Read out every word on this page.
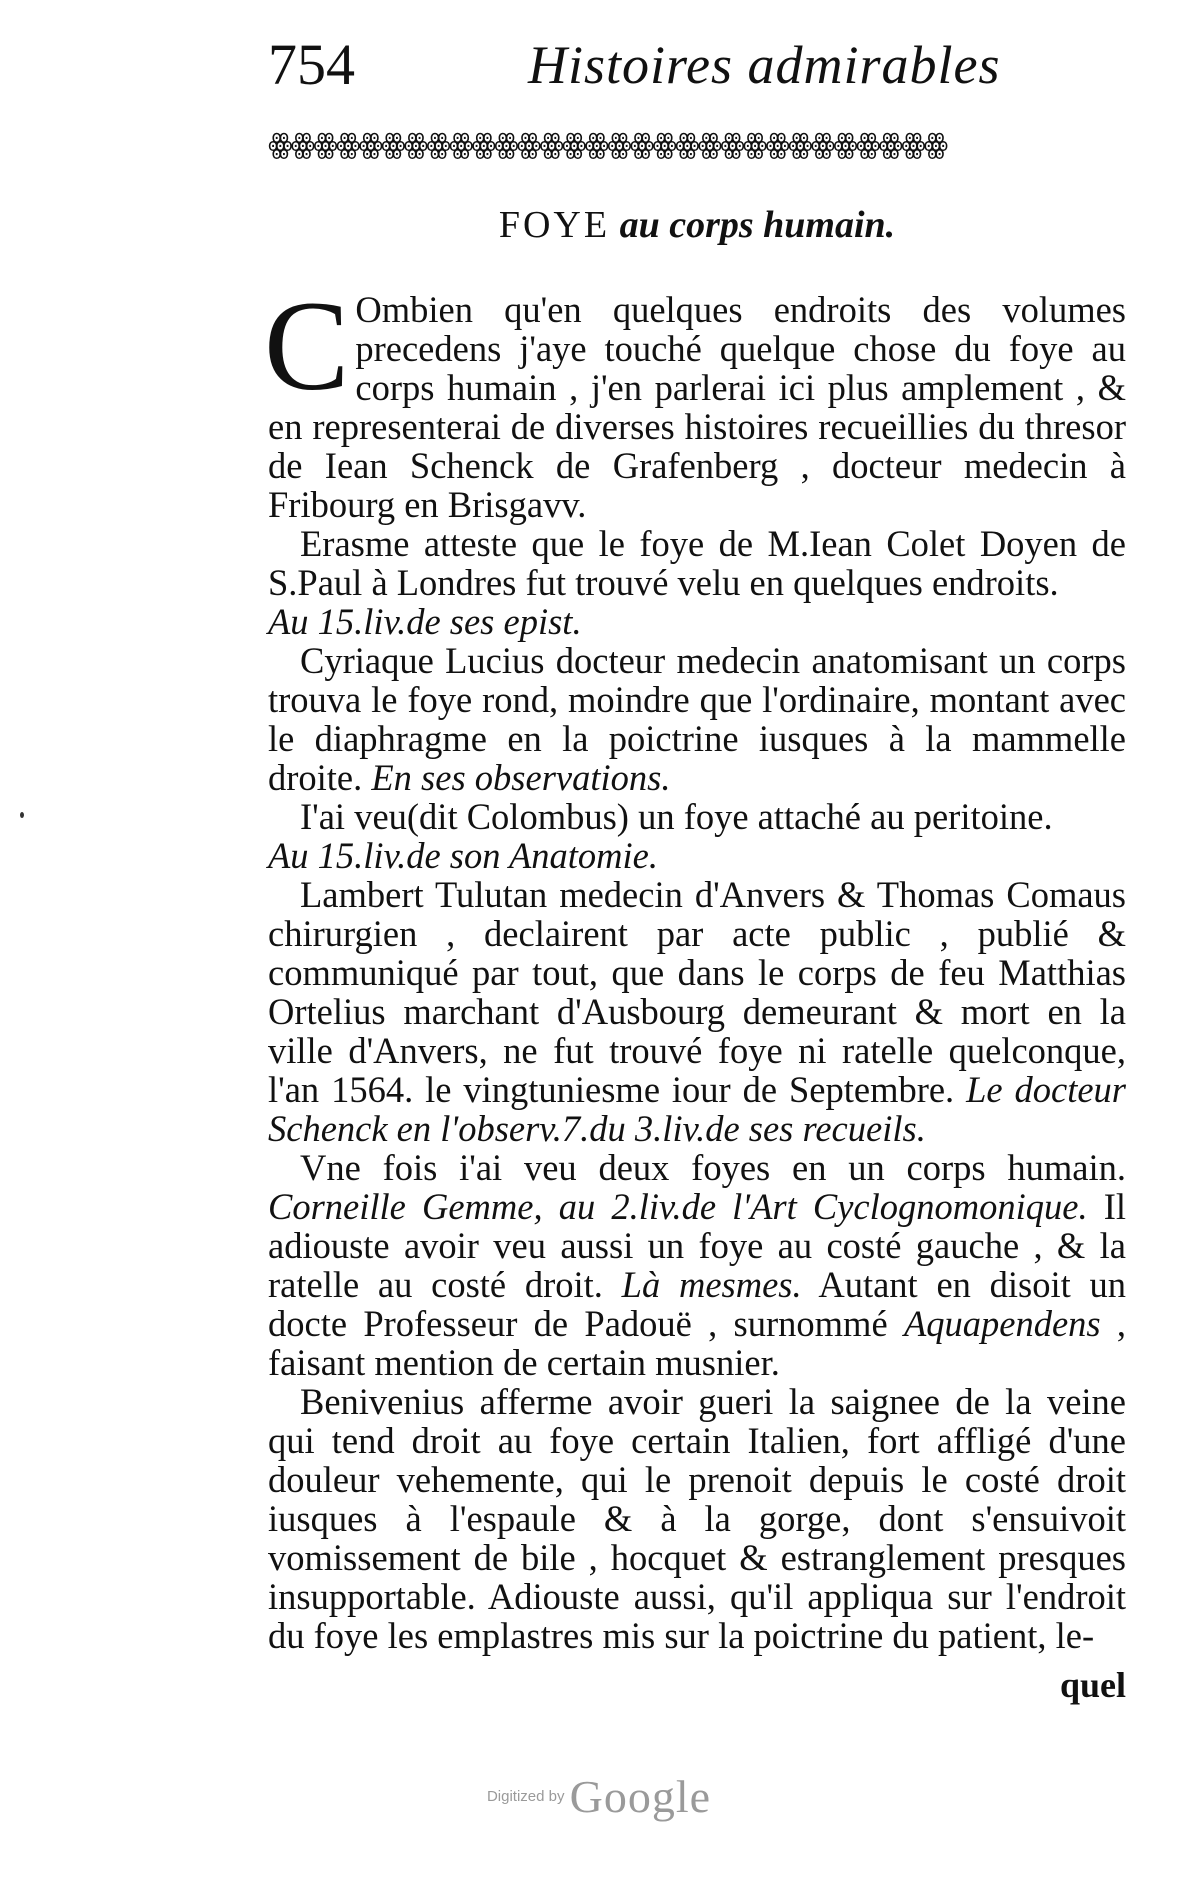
754	Histoires admirables
ꙮꙮꙮꙮꙮꙮꙮꙮꙮꙮꙮꙮꙮꙮꙮꙮꙮꙮꙮꙮꙮꙮꙮꙮꙮꙮꙮꙮꙮꙮ
FOYE au corps humain.

C Ombien qu'en quelques endroits des volumes precedens j'aye touché quelque chose du foye au corps humain , j'en parlerai ici plus amplement , & en representerai de diverses histoires recueillies du thresor de Iean Schenck de Grafenberg , docteur medecin à Fribourg en Brisgavv.

Erasme atteste que le foye de M.Iean Colet Doyen de S.Paul à Londres fut trouvé velu en quelques endroits.

Au 15.liv.de ses epist.

Cyriaque Lucius docteur medecin anatomisant un corps trouva le foye rond, moindre que l'ordinaire, montant avec le diaphragme en la poictrine iusques à la mammelle droite. En ses observations.

I'ai veu(dit Colombus) un foye attaché au peritoine.

Au 15.liv.de son Anatomie.

Lambert Tulutan medecin d'Anvers & Thomas Comaus chirurgien , declairent par acte public , publié & communiqué par tout, que dans le corps de feu Matthias Ortelius marchant d'Ausbourg demeurant & mort en la ville d'Anvers, ne fut trouvé foye ni ratelle quelconque, l'an 1564. le vingtuniesme iour de Septembre. Le docteur Schenck en l'observ.7.du 3.liv.de ses recueils.

Vne fois i'ai veu deux foyes en un corps humain. Corneille Gemme, au 2.liv.de l'Art Cyclognomonique. Il adiouste avoir veu aussi un foye au costé gauche , & la ratelle au costé droit. Là mesmes. Autant en disoit un docte Professeur de Padouë , surnommé Aquapendens , faisant mention de certain musnier.

Benivenius afferme avoir gueri la saignee de la veine qui tend droit au foye certain Italien, fort affligé d'une douleur vehemente, qui le prenoit depuis le costé droit iusques à l'espaule & à la gorge, dont s'ensuivoit vomissement de bile , hocquet & estranglement presques insupportable. Adiouste aussi, qu'il appliqua sur l'endroit du foye les emplastres mis sur la poictrine du patient, le-

quel
Digitized by Google
